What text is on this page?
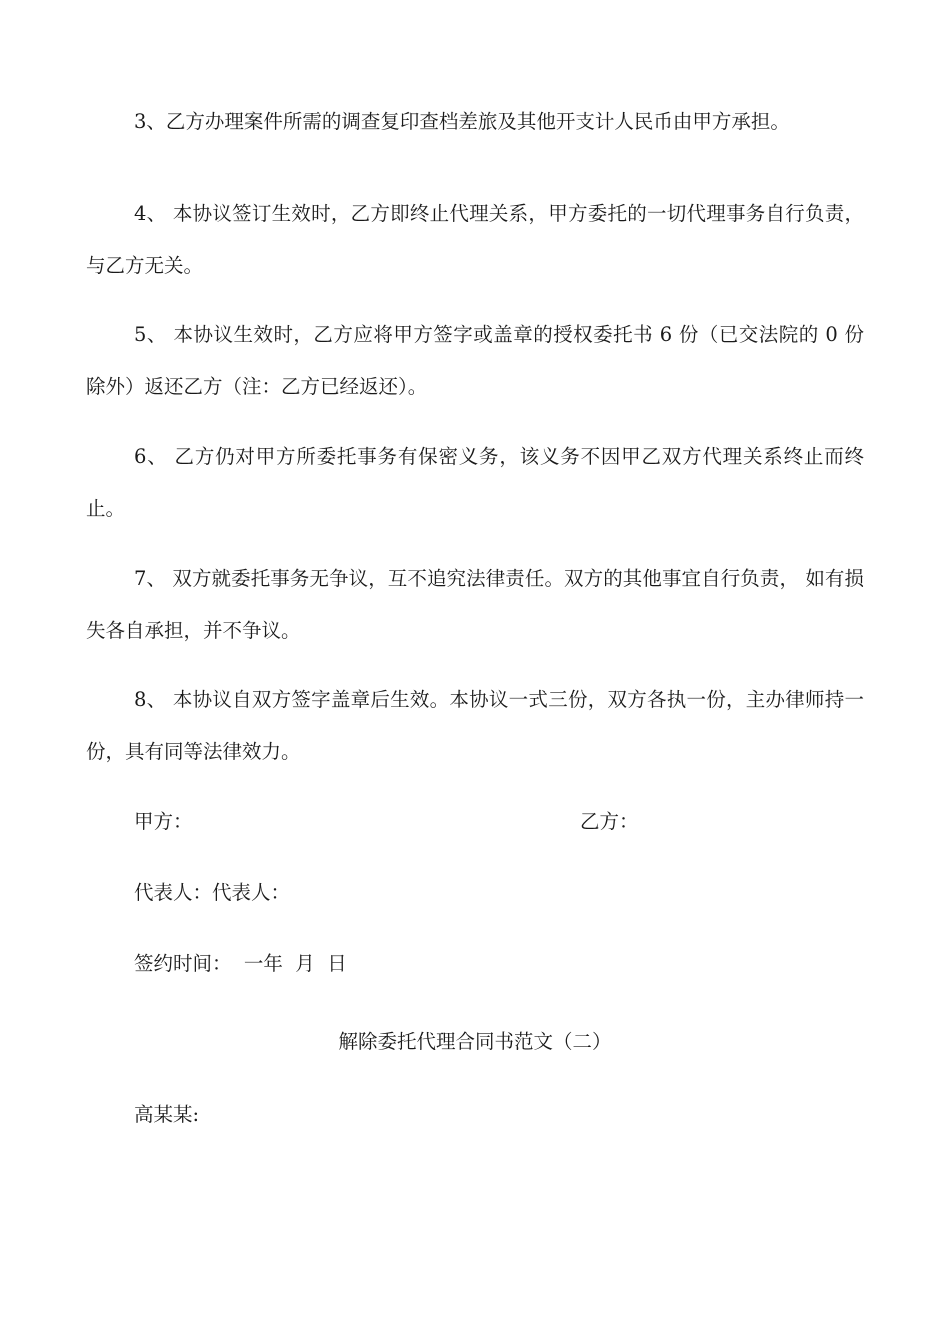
3、乙方办理案件所需的调查复印查档差旅及其他开支计人民币由甲方承担。
4、 本协议签订生效时，乙方即终止代理关系，甲方委托的一切代理事务自行负责，与乙方无关。
5、 本协议生效时，乙方应将甲方签字或盖章的授权委托书 6 份（已交法院的 0 份除外）返还乙方（注：乙方已经返还）。
6、 乙方仍对甲方所委托事务有保密义务，该义务不因甲乙双方代理关系终止而终止。
7、 双方就委托事务无争议，互不追究法律责任。双方的其他事宜自行负责， 如有损失各自承担，并不争议。
8、 本协议自双方签字盖章后生效。本协议一式三份，双方各执一份，主办律师持一份，具有同等法律效力。
甲方：	乙方：
代表人：代表人：
签约时间：  一年  月  日
解除委托代理合同书范文（二）
高某某:
